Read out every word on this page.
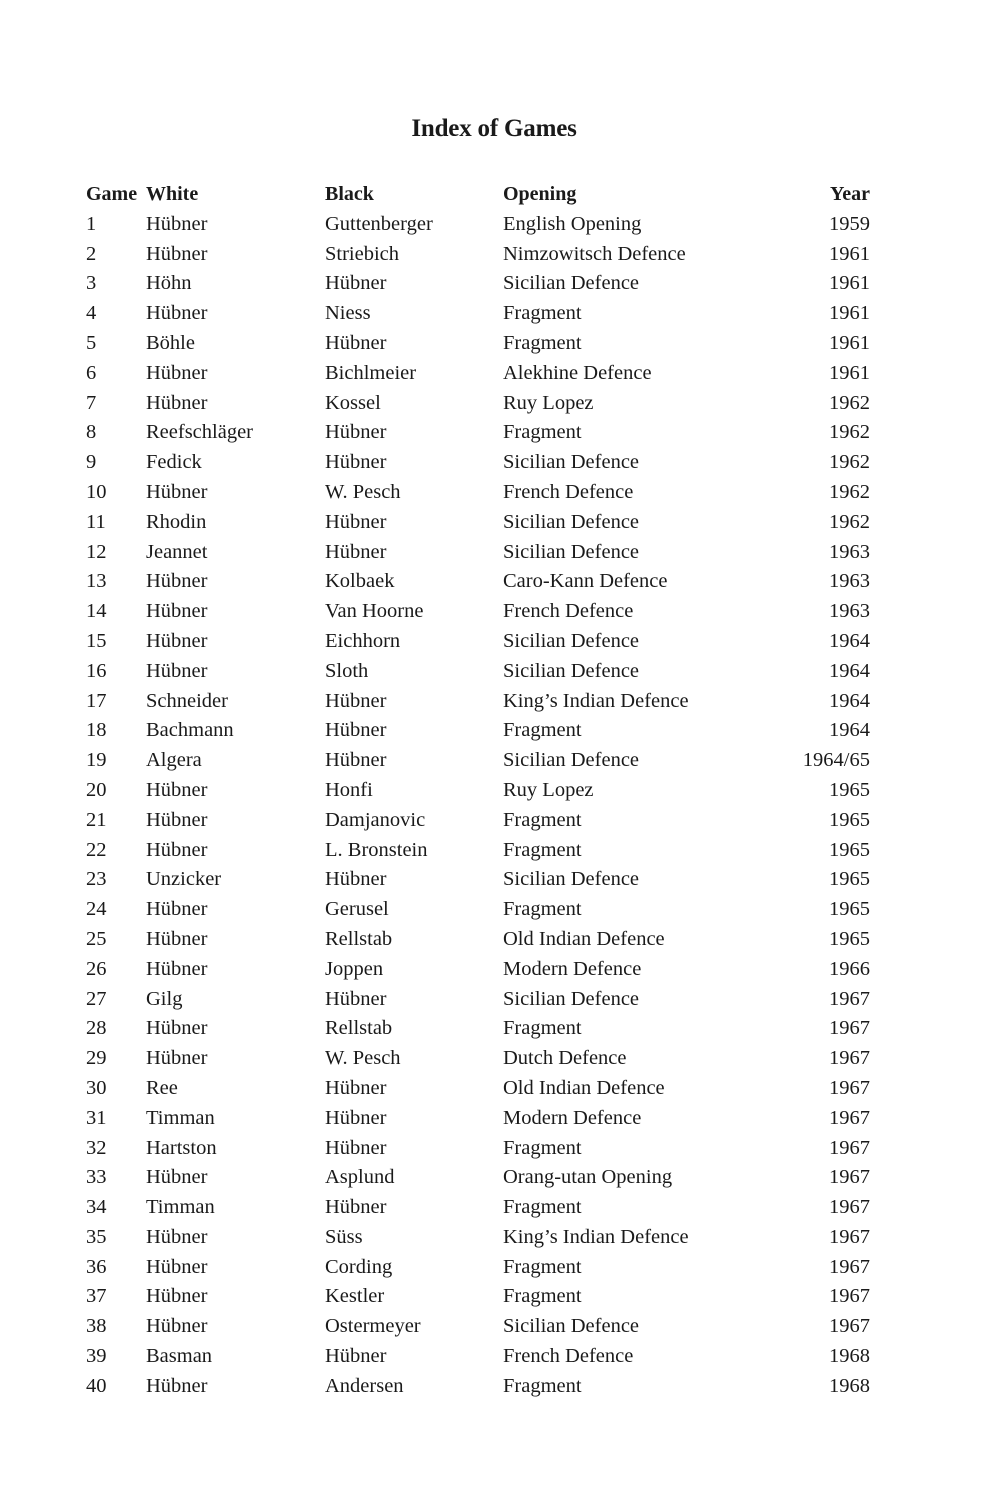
Index of Games
Game White	Black	Opening	Year
1 Hübner	Guttenberger	English Opening	1959
2 Hübner	Striebich	Nimzowitsch Defence	1961
3 Höhn	Hübner	Sicilian Defence	1961
4 Hübner	Niess	Fragment	1961
5 Böhle	Hübner	Fragment	1961
6 Hübner	Bichlmeier	Alekhine Defence	1961
7 Hübner	Kossel	Ruy Lopez	1962
8 Reefschläger	Hübner	Fragment	1962
9 Fedick	Hübner	Sicilian Defence	1962
10 Hübner	W. Pesch	French Defence	1962
11 Rhodin	Hübner	Sicilian Defence	1962
12 Jeannet	Hübner	Sicilian Defence	1963
13 Hübner	Kolbaek	Caro-Kann Defence	1963
14 Hübner	Van Hoorne	French Defence	1963
15 Hübner	Eichhorn	Sicilian Defence	1964
16 Hübner	Sloth	Sicilian Defence	1964
17 Schneider	Hübner	King’s Indian Defence	1964
18 Bachmann	Hübner	Fragment	1964
19 Algera	Hübner	Sicilian Defence	1964/65
20 Hübner	Honfi	Ruy Lopez	1965
21 Hübner	Damjanovic	Fragment	1965
22 Hübner	L. Bronstein	Fragment	1965
23 Unzicker	Hübner	Sicilian Defence	1965
24 Hübner	Gerusel	Fragment	1965
25 Hübner	Rellstab	Old Indian Defence	1965
26 Hübner	Joppen	Modern Defence	1966
27 Gilg	Hübner	Sicilian Defence	1967
28 Hübner	Rellstab	Fragment	1967
29 Hübner	W. Pesch	Dutch Defence	1967
30 Ree	Hübner	Old Indian Defence	1967
31 Timman	Hübner	Modern Defence	1967
32 Hartston	Hübner	Fragment	1967
33 Hübner	Asplund	Orang-utan Opening	1967
34 Timman	Hübner	Fragment	1967
35 Hübner	Süss	King’s Indian Defence	1967
36 Hübner	Cording	Fragment	1967
37 Hübner	Kestler	Fragment	1967
38 Hübner	Ostermeyer	Sicilian Defence	1967
39 Basman	Hübner	French Defence	1968
40 Hübner	Andersen	Fragment	1968
